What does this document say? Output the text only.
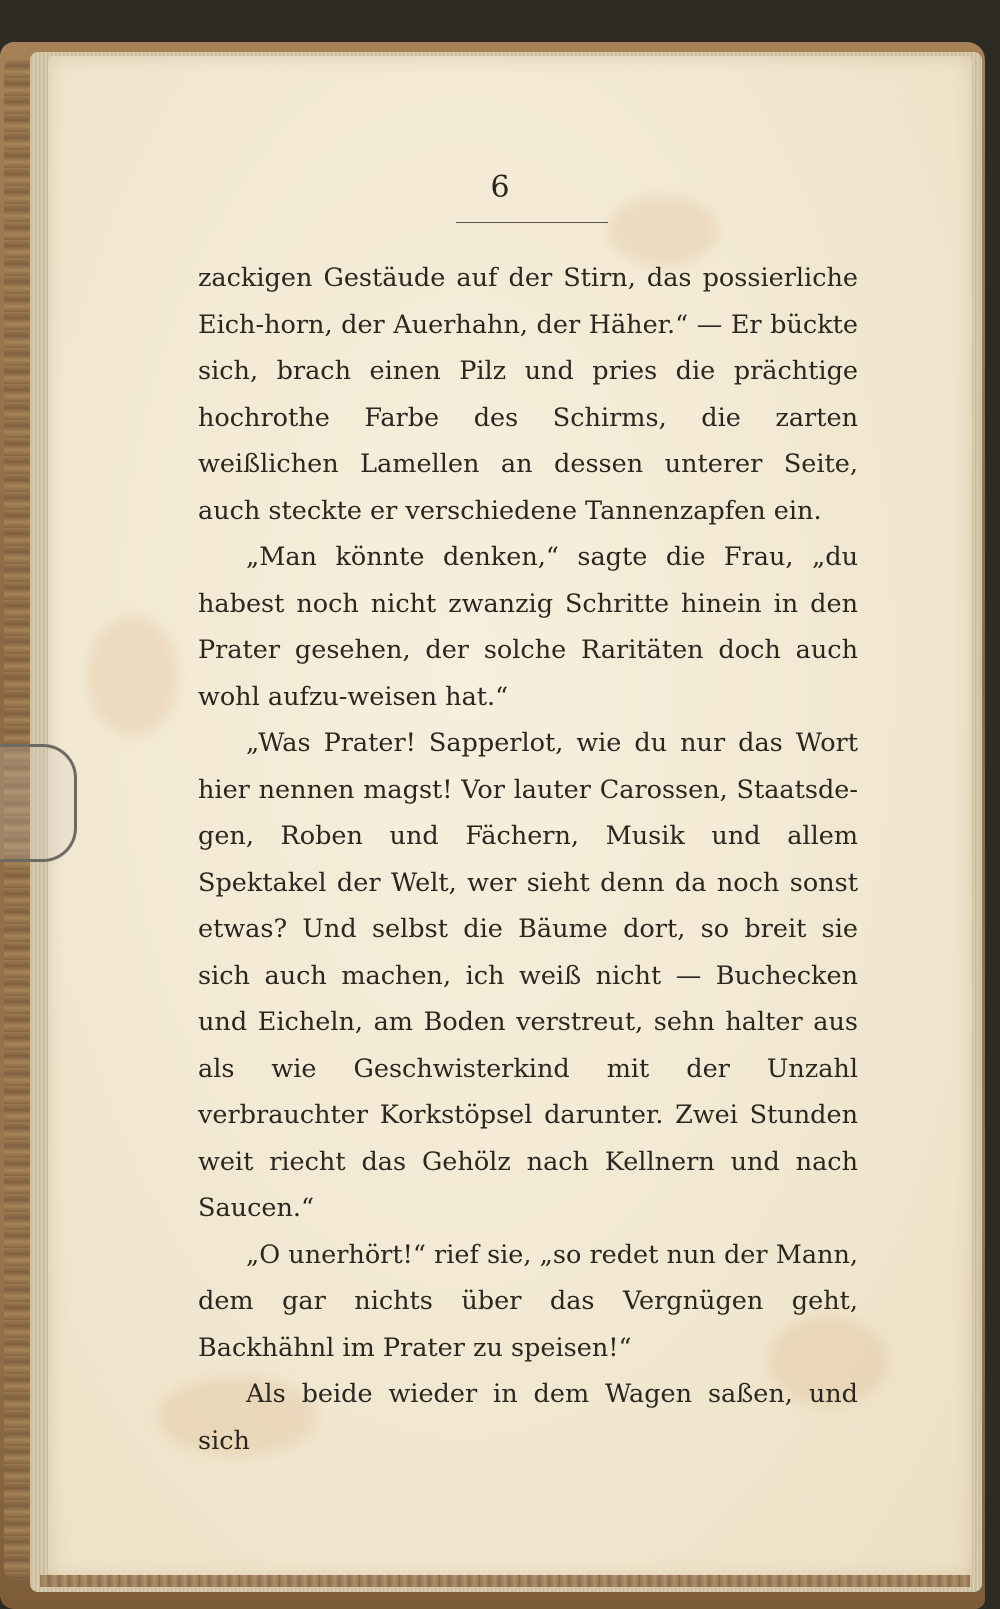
6

zackigen Gestäude auf der Stirn, das possierliche Eich-horn, der Auerhahn, der Häher.“ — Er bückte sich, brach einen Pilz und pries die prächtige hochrothe Farbe des Schirms, die zarten weißlichen Lamellen an dessen unterer Seite, auch steckte er verschiedene Tannenzapfen ein.

„Man könnte denken,“ sagte die Frau, „du habest noch nicht zwanzig Schritte hinein in den Prater gesehen, der solche Raritäten doch auch wohl aufzu-weisen hat.“

„Was Prater! Sapperlot, wie du nur das Wort hier nennen magst! Vor lauter Carossen, Staatsde-gen, Roben und Fächern, Musik und allem Spektakel der Welt, wer sieht denn da noch sonst etwas? Und selbst die Bäume dort, so breit sie sich auch machen, ich weiß nicht — Buchecken und Eicheln, am Boden verstreut, sehn halter aus als wie Geschwisterkind mit der Unzahl verbrauchter Korkstöpsel darunter. Zwei Stunden weit riecht das Gehölz nach Kellnern und nach Saucen.“

„O unerhört!“ rief sie, „so redet nun der Mann, dem gar nichts über das Vergnügen geht, Backhähnl im Prater zu speisen!“

Als beide wieder in dem Wagen saßen, und sich
